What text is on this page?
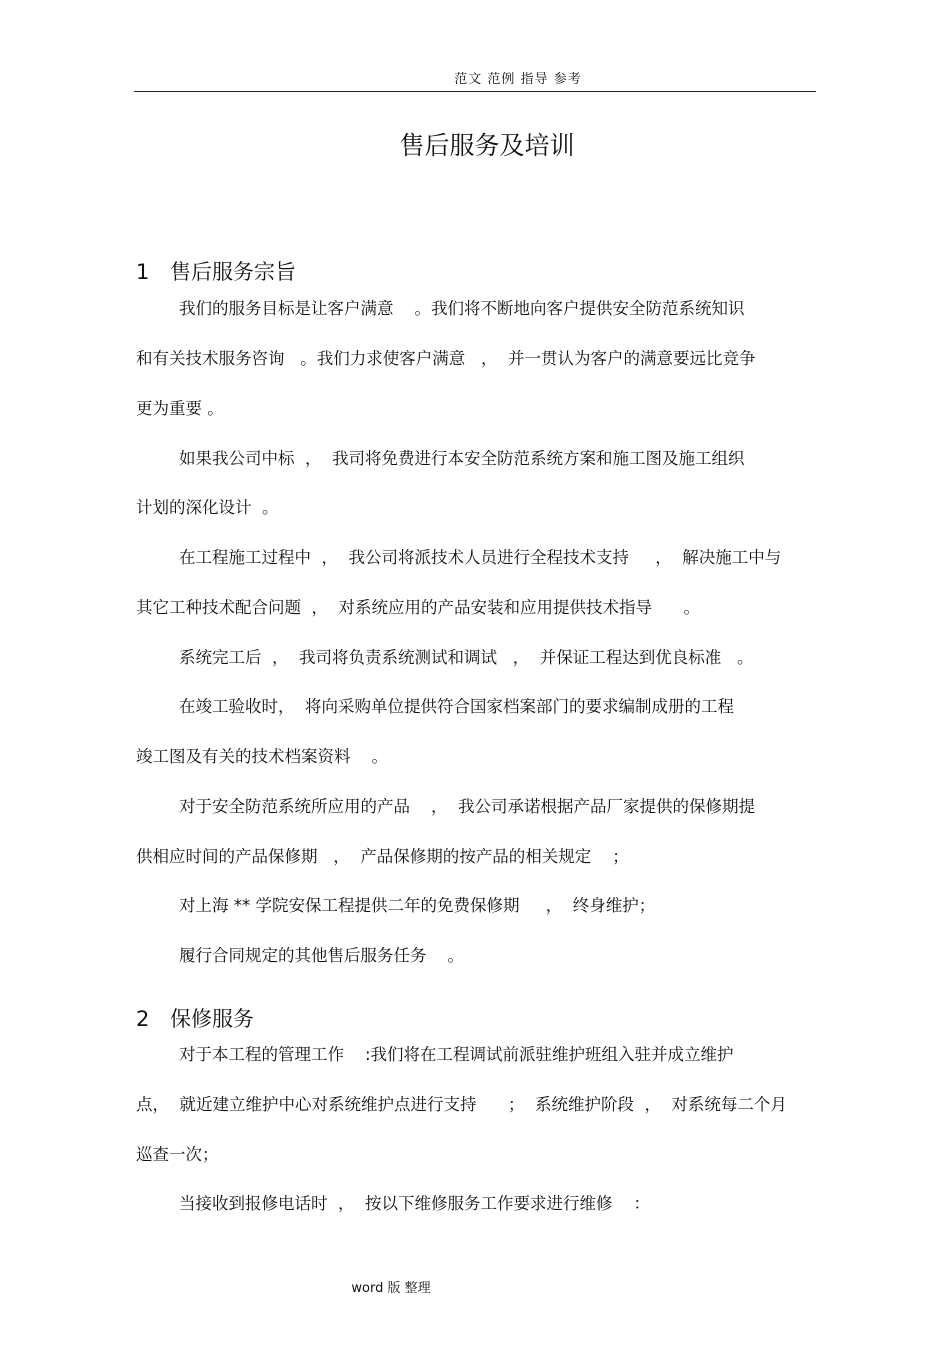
范文 范例 指导 参考
售后服务及培训
1 售后服务宗旨
我们的服务目标是让客户满意    。我们将不断地向客户提供安全防范系统知识
和有关技术服务咨询   。我们力求使客户满意   ，  并一贯认为客户的满意要远比竞争
更为重要 。
如果我公司中标  ，  我司将免费进行本安全防范系统方案和施工图及施工组织
计划的深化设计  。
在工程施工过程中  ，  我公司将派技术人员进行全程技术支持     ，  解决施工中与
其它工种技术配合问题  ，  对系统应用的产品安装和应用提供技术指导      。
系统完工后  ，  我司将负责系统测试和调试   ，  并保证工程达到优良标准   。
在竣工验收时，  将向采购单位提供符合国家档案部门的要求编制成册的工程
竣工图及有关的技术档案资料    。
对于安全防范系统所应用的产品    ，  我公司承诺根据产品厂家提供的保修期提
供相应时间的产品保修期   ，  产品保修期的按产品的相关规定    ；
对上海 ** 学院安保工程提供二年的免费保修期     ，  终身维护；
履行合同规定的其他售后服务任务    。
2 保修服务
对于本工程的管理工作    :我们将在工程调试前派驻维护班组入驻并成立维护
点，  就近建立维护中心对系统维护点进行支持      ；  系统维护阶段  ，  对系统每二个月
巡查一次；
当接收到报修电话时  ，  按以下维修服务工作要求进行维修    ：
word 版 整理
